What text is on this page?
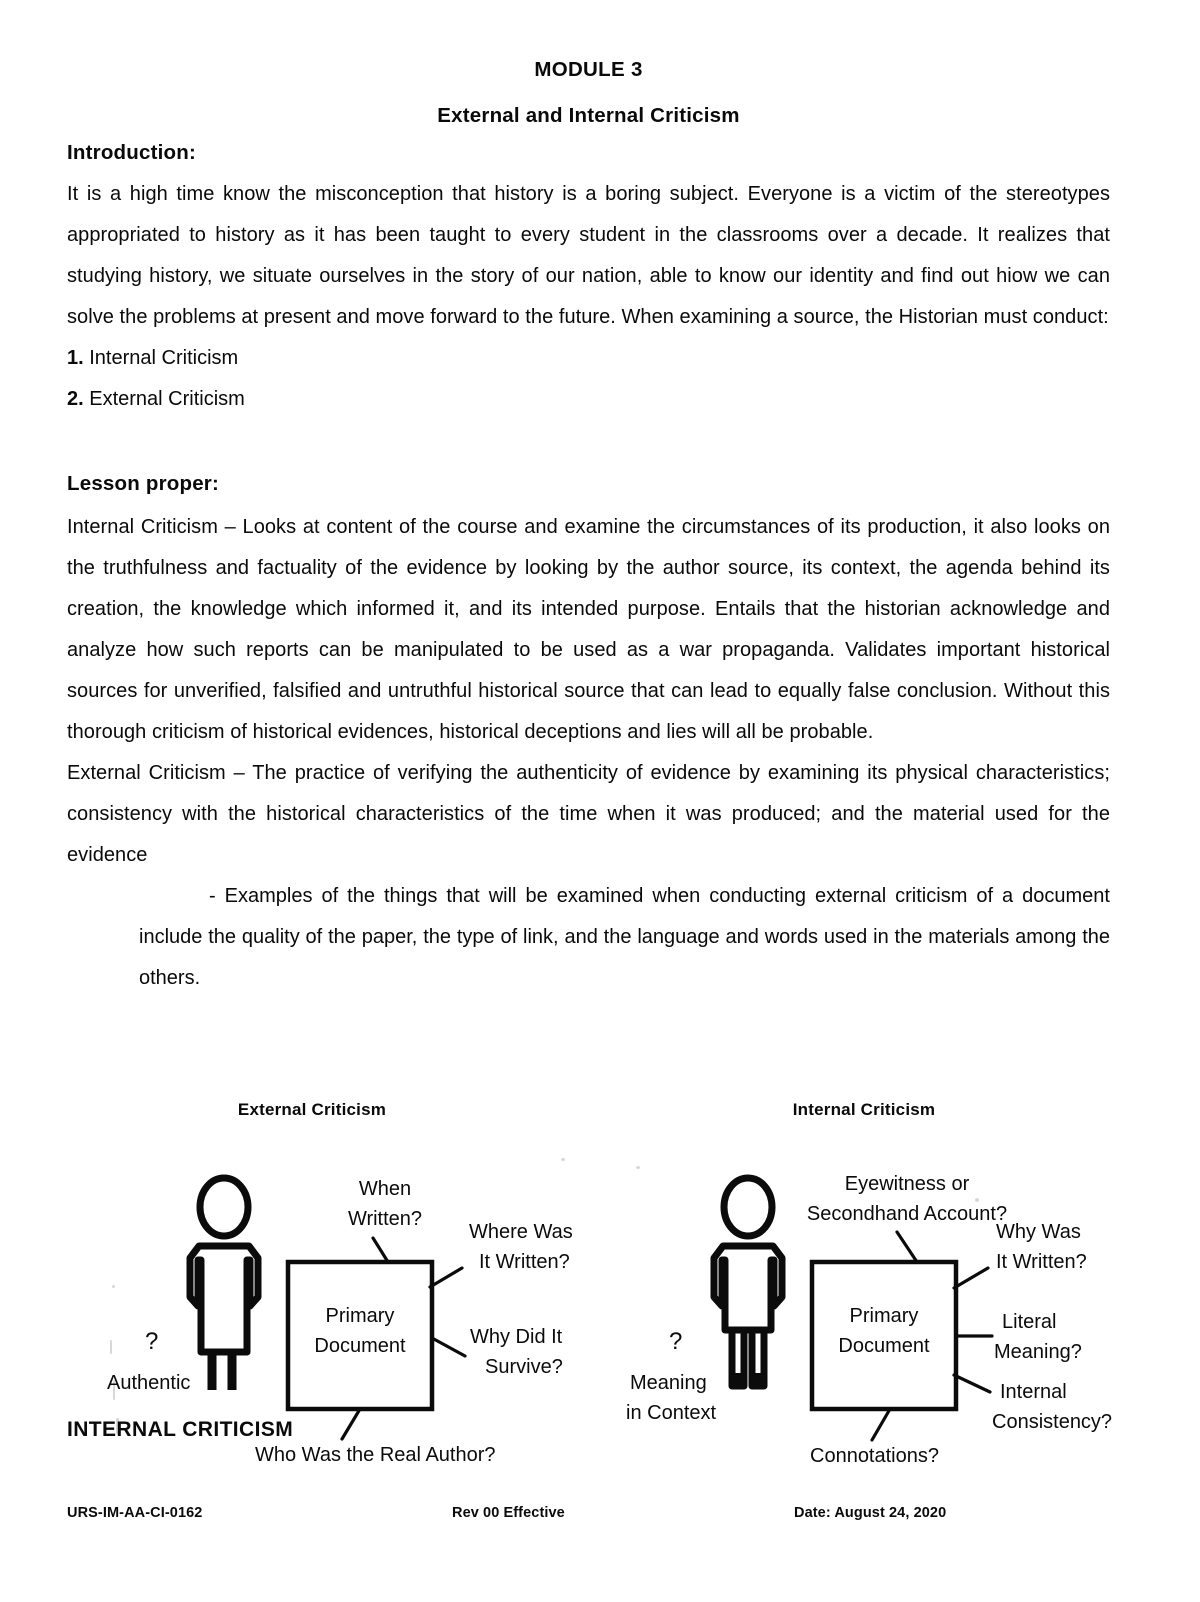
MODULE 3
External and Internal Criticism
Introduction:

It is a high time know the misconception that history is a boring subject. Everyone is a victim of the stereotypes appropriated to history as it has been taught to every student in the classrooms over a decade. It realizes that studying history, we situate ourselves in the story of our nation, able to know our identity and find out hiow we can solve the problems at present and move forward to the future. When examining a source, the Historian must conduct:

1. Internal Criticism
2. External Criticism
Lesson proper:

Internal Criticism – Looks at content of the course and examine the circumstances of its production, it also looks on the truthfulness and factuality of the evidence by looking by the author source, its context, the agenda behind its creation, the knowledge which informed it, and its intended purpose. Entails that the historian acknowledge and analyze how such reports can be manipulated to be used as a war propaganda. Validates important historical sources for unverified, falsified and untruthful historical source that can lead to equally false conclusion. Without this thorough criticism of historical evidences, historical deceptions and lies will all be probable.

External Criticism – The practice of verifying the authenticity of evidence by examining its physical characteristics; consistency with the historical characteristics of the time when it was produced; and the material used for the evidence

- Examples of the things that will be examined when conducting external criticism of a document include the quality of the paper, the type of link, and the language and words used in the materials among the others.

External Criticism
When
Written?
Where Was
It Written?
Why Did It
Survive?
Who Was the Real Author?
?
Authentic
Primary
Document
Internal Criticism
Eyewitness or
Secondhand Account?
Why Was
It Written?
Literal
Meaning?
Internal
Consistency?
Connotations?
?
Meaning
in Context
Primary
Document
INTERNAL CRITICISM
URS-IM-AA-CI-0162	Rev 00 Effective	Date: August 24, 2020
